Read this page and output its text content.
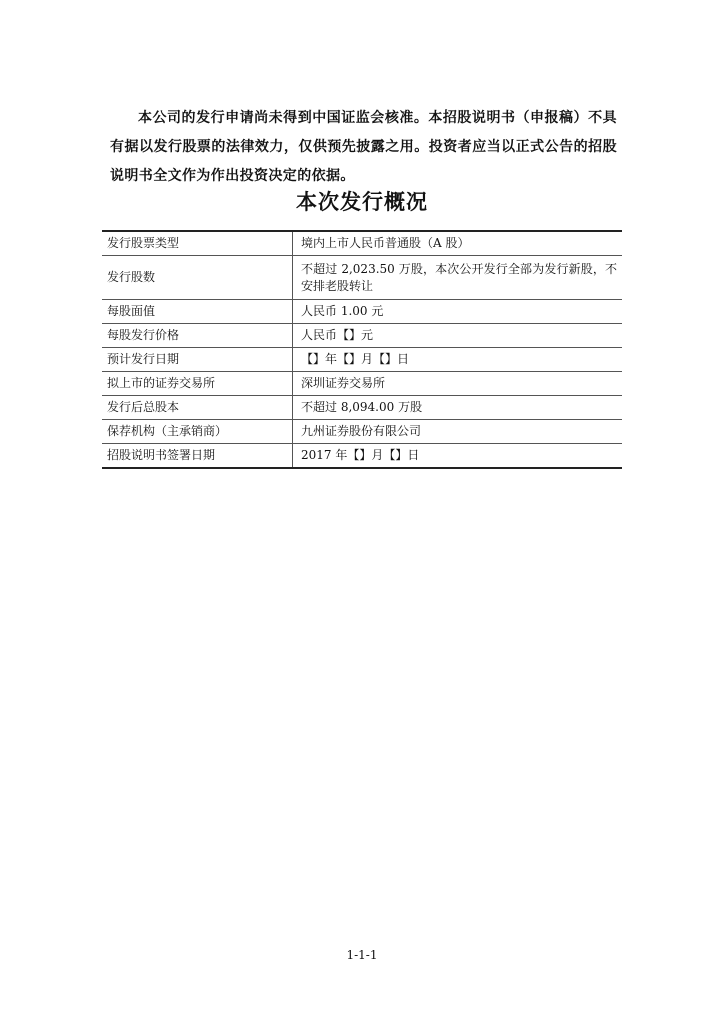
本公司的发行申请尚未得到中国证监会核准。本招股说明书（申报稿）不具有据以发行股票的法律效力，仅供预先披露之用。投资者应当以正式公告的招股说明书全文作为作出投资决定的依据。

本次发行概况
发行股票类型	境内上市人民币普通股（A 股）
发行股数	不超过 2,023.50 万股，本次公开发行全部为发行新股，不安排老股转让
每股面值	人民币 1.00 元
每股发行价格	人民币【】元
预计发行日期	【】年【】月【】日
拟上市的证券交易所	深圳证券交易所
发行后总股本	不超过 8,094.00 万股
保荐机构（主承销商）	九州证券股份有限公司
招股说明书签署日期	2017 年【】月【】日
1-1-1
